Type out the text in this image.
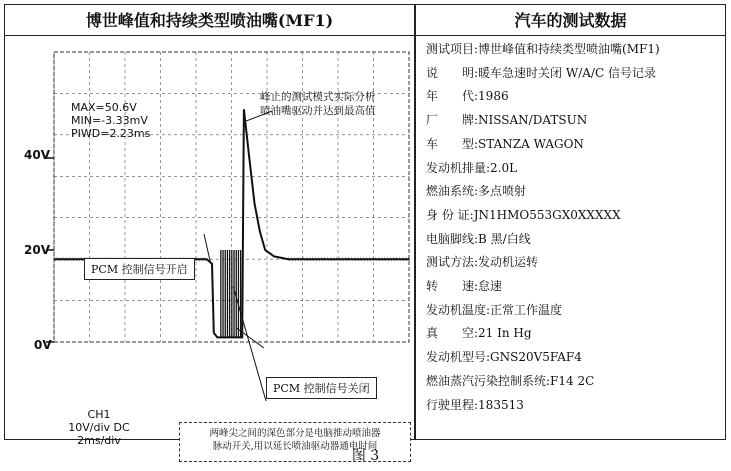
博世峰值和持续类型喷油嘴(MF1)	汽车的测试数据
MAX=50.6V
MIN=-3.33mV
PIWD=2.23ms
峰止的测试模式实际分析
喷油嘴驱动并达到最高值
40V
20V
0V
PCM 控制信号开启
PCM 控制信号关闭
CH1
10V/div DC
2ms/div
两峰尖之间的深色部分是电脑推动喷油器
脉动开关,用以延长喷油驱动器通电时间
测试项目:博世峰值和持续类型喷油嘴(MF1)
说　　明:暖车急速时关闭 W/A/C 信号记录
年　　代:1986
厂　　牌:NISSAN/DATSUN
车　　型:STANZA WAGON
发动机排量:2.0L
燃油系统:多点喷射
身 份 证:JN1HMO553GX0XXXXX
电脑脚线:B 黑/白线
测试方法:发动机运转
转　　速:怠速
发动机温度:正常工作温度
真　　空:21 In Hg
发动机型号:GNS20V5FAF4
燃油蒸汽污染控制系统:F14 2C
行驶里程:183513
图 3
